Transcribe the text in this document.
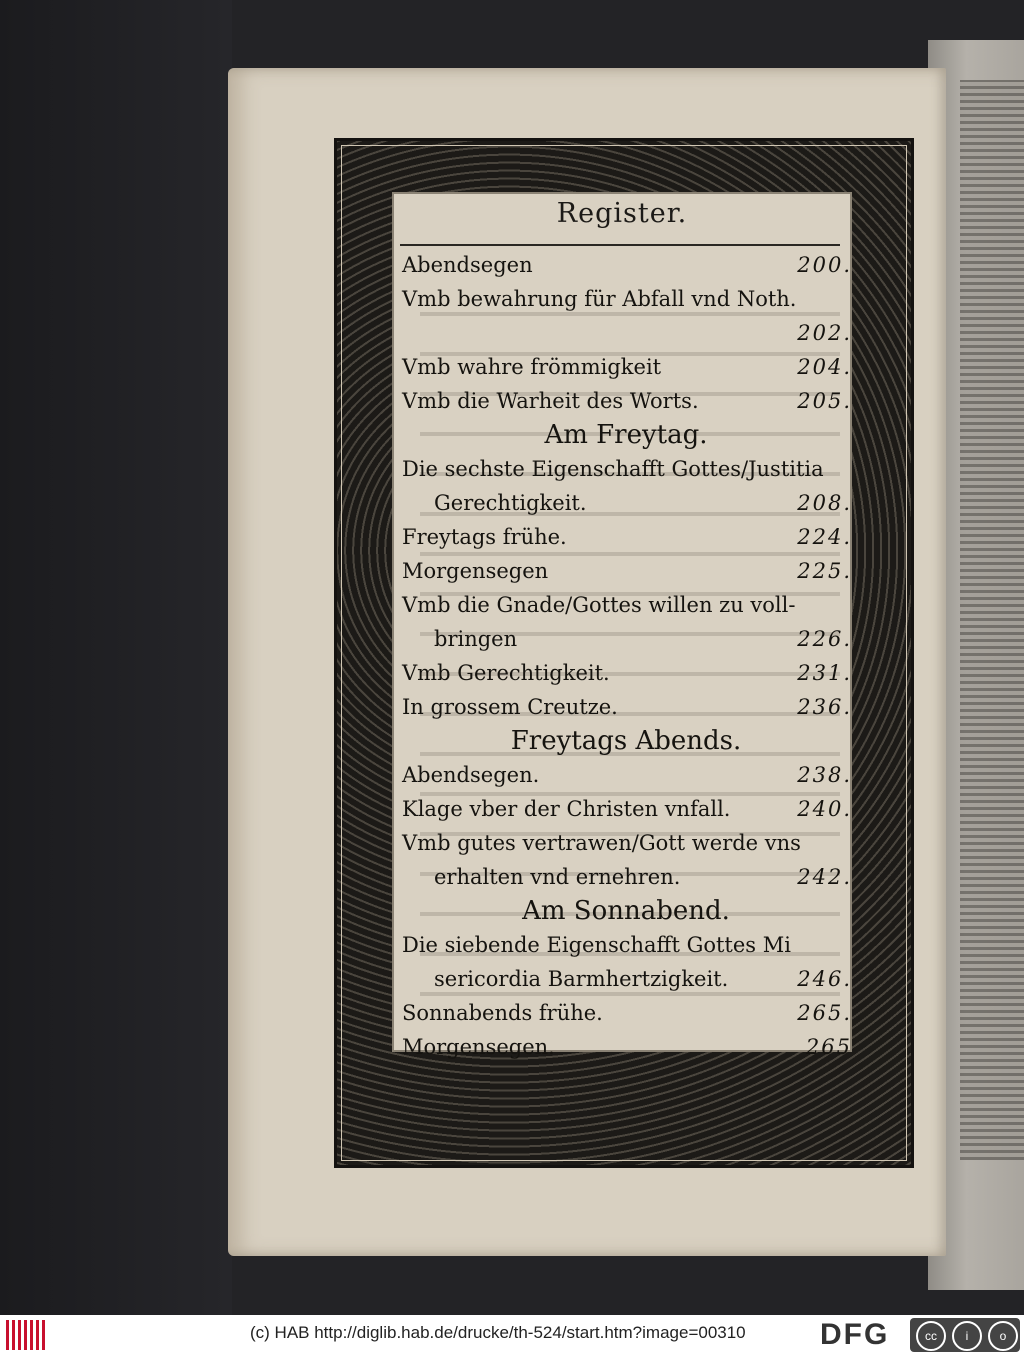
Register.
Abendsegen	200.
Vmb bewahrung für Abfall vnd Noth.
202.
Vmb wahre frömmigkeit	204.
Vmb die Warheit des Worts.	205.
Am Freytag.
Die sechste Eigenschafft Gottes/Justitia
Gerechtigkeit.	208.
Freytags frühe.	224.
Morgensegen	225.
Vmb die Gnade/Gottes willen zu voll-
bringen	226.
Vmb Gerechtigkeit.	231.
In grossem Creutze.	236.
Freytags Abends.
Abendsegen.	238.
Klage vber der Christen vnfall.	240.
Vmb gutes vertrawen/Gott werde vns
erhalten vnd ernehren.	242.
Am Sonnabend.
Die siebende Eigenschafft Gottes Mi
sericordia Barmhertzigkeit.	246.
Sonnabends frühe.	265.
Morgensegen.	265
(c) HAB http://diglib.hab.de/drucke/th-524/start.htm?image=00310 DFG	cc	i	o
